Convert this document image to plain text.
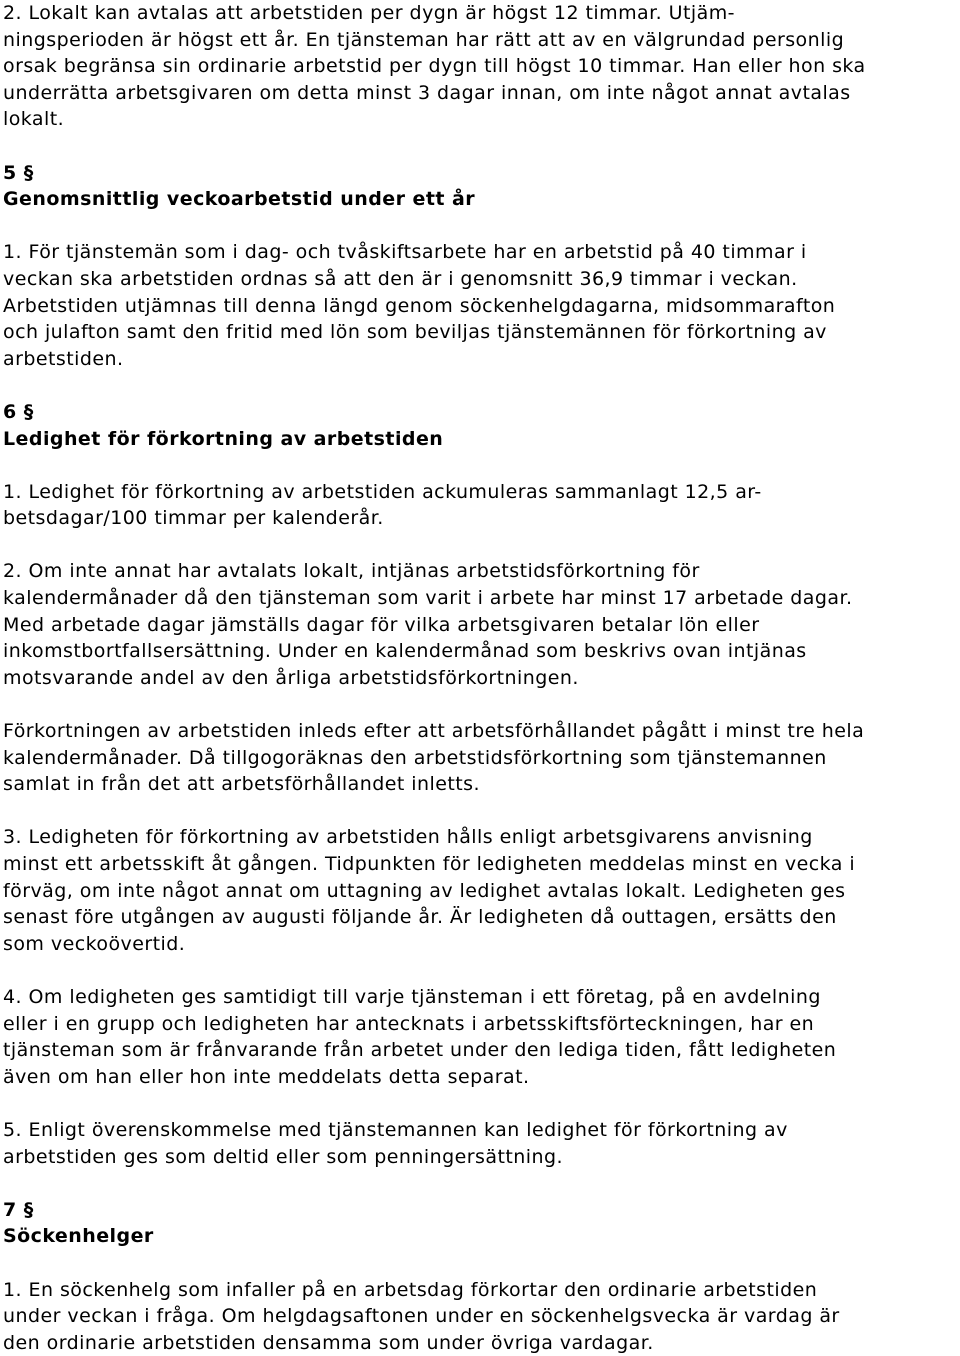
2. Lokalt kan avtalas att arbetstiden per dygn är högst 12 timmar. Utjäm-
ningsperioden är högst ett år. En tjänsteman har rätt att av en välgrundad personlig
orsak begränsa sin ordinarie arbetstid per dygn till högst 10 timmar. Han eller hon ska
underrätta arbetsgivaren om detta minst 3 dagar innan, om inte något annat avtalas
lokalt.

5 §

Genomsnittlig veckoarbetstid under ett år

1. För tjänstemän som i dag- och tvåskiftsarbete har en arbetstid på 40 timmar i
veckan ska arbetstiden ordnas så att den är i genomsnitt 36,9 timmar i veckan.
Arbetstiden utjämnas till denna längd genom söckenhelgdagarna, midsommarafton
och julafton samt den fritid med lön som beviljas tjänstemännen för förkortning av
arbetstiden.

6 §

Ledighet för förkortning av arbetstiden

1. Ledighet för förkortning av arbetstiden ackumuleras sammanlagt 12,5 ar-
betsdagar/100 timmar per kalenderår.

2. Om inte annat har avtalats lokalt, intjänas arbetstidsförkortning för
kalendermånader då den tjänsteman som varit i arbete har minst 17 arbetade dagar.
Med arbetade dagar jämställs dagar för vilka arbetsgivaren betalar lön eller
inkomstbortfallsersättning. Under en kalendermånad som beskrivs ovan intjänas
motsvarande andel av den årliga arbetstidsförkortningen.

Förkortningen av arbetstiden inleds efter att arbetsförhållandet pågått i minst tre hela
kalendermånader. Då tillgogoräknas den arbetstidsförkortning som tjänstemannen
samlat in från det att arbetsförhållandet inletts.

3. Ledigheten för förkortning av arbetstiden hålls enligt arbetsgivarens anvisning
minst ett arbetsskift åt gången. Tidpunkten för ledigheten meddelas minst en vecka i
förväg, om inte något annat om uttagning av ledighet avtalas lokalt. Ledigheten ges
senast före utgången av augusti följande år. Är ledigheten då outtagen, ersätts den
som veckoövertid.

4. Om ledigheten ges samtidigt till varje tjänsteman i ett företag, på en avdelning
eller i en grupp och ledigheten har antecknats i arbetsskiftsförteckningen, har en
tjänsteman som är frånvarande från arbetet under den lediga tiden, fått ledigheten
även om han eller hon inte meddelats detta separat.

5. Enligt överenskommelse med tjänstemannen kan ledighet för förkortning av
arbetstiden ges som deltid eller som penningersättning.

7 §

Söckenhelger

1. En söckenhelg som infaller på en arbetsdag förkortar den ordinarie arbetstiden
under veckan i fråga. Om helgdagsaftonen under en söckenhelgsvecka är vardag är
den ordinarie arbetstiden densamma som under övriga vardagar.
